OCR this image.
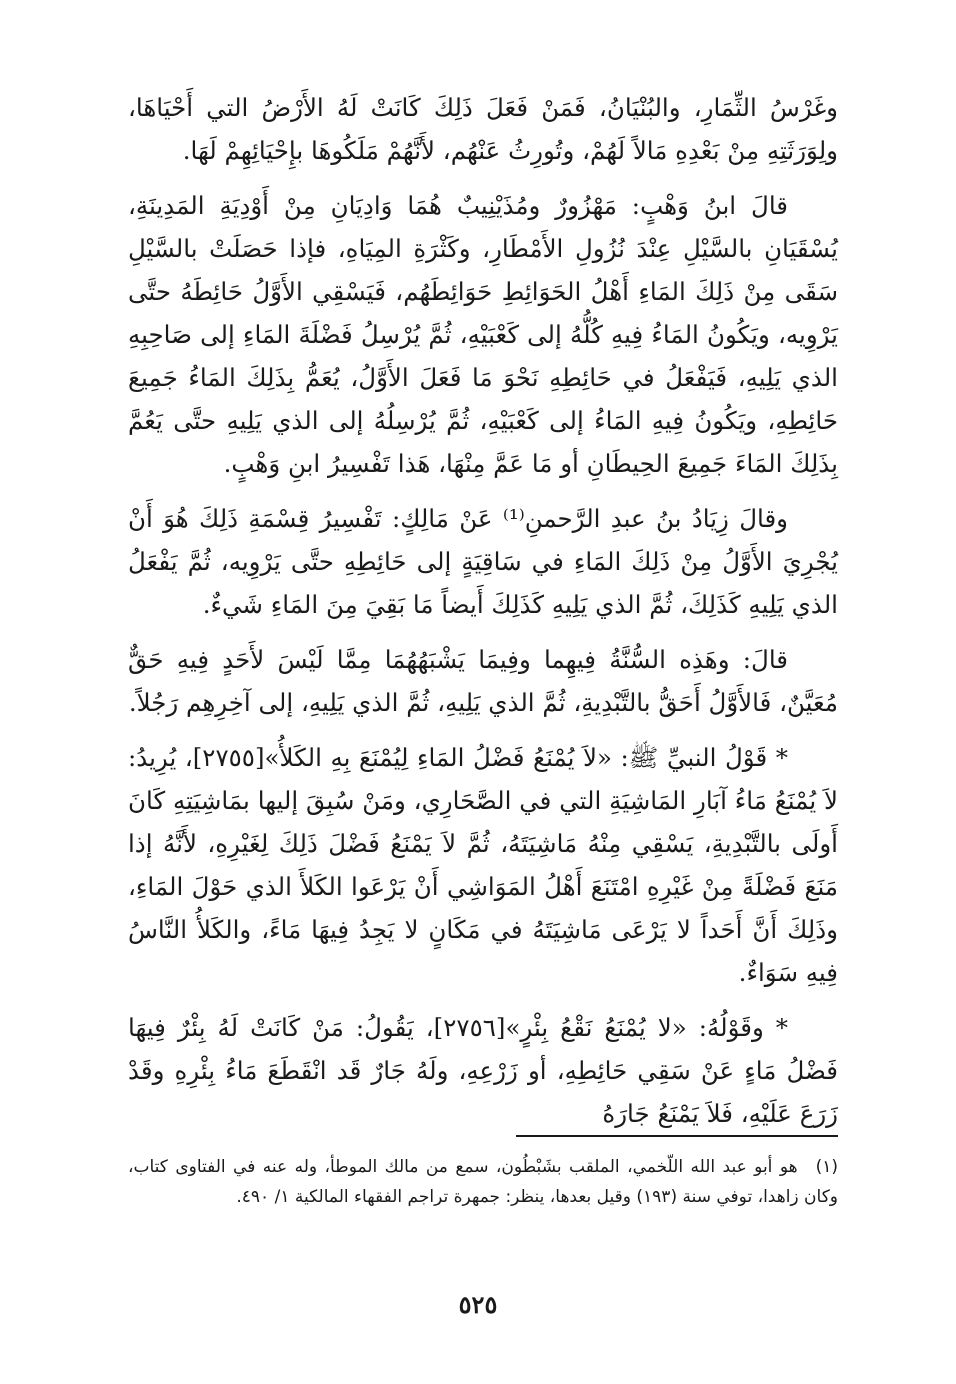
وغَرْسُ الثِّمَارِ، والبُنْيَانُ، فَمَنْ فَعَلَ ذَلِكَ كَانَتْ لَهُ الأَرْضُ التي أَحْيَاهَا، ولِوَرَثَتِهِ مِنْ بَعْدِهِ مَالاً لَهُمْ، وتُورِثُ عَنْهُم، لأَنَّهُمْ مَلَكُوهَا بإِحْيَائِهِمْ لَهَا.

قالَ ابنُ وَهْبٍ: مَهْزُورٌ ومُذَيْنِيبٌ هُمَا وَادِيَانِ مِنْ أَوْدِيَةِ المَدِينَةِ، يُسْقَيَانِ بالسَّيْلِ عِنْدَ نُزُولِ الأَمْطَارِ، وكَثْرَةِ المِيَاهِ، فإذا حَصَلَتْ بالسَّيْلِ سَقَى مِنْ ذَلِكَ المَاءِ أَهْلُ الحَوَائِطِ حَوَائِطَهُم، فَيَسْقِي الأَوَّلُ حَائِطَهُ حتَّى يَرْوِيه، ويَكُونُ المَاءُ فِيهِ كُلُّهُ إلى كَعْبَيْهِ، ثُمَّ يُرْسِلُ فَضْلَةَ المَاءِ إلى صَاحِبِهِ الذي يَلِيهِ، فَيَفْعَلُ في حَائِطِهِ نَحْوَ مَا فَعَلَ الأَوَّلُ، يُعَمُّ بِذَلِكَ المَاءُ جَمِيعَ حَائِطِهِ، ويَكُونُ فِيهِ المَاءُ إلى كَعْبَيْهِ، ثُمَّ يُرْسِلُهُ إلى الذي يَلِيهِ حتَّى يَعُمَّ بِذَلِكَ المَاءَ جَمِيعَ الحِيطَانِ أو مَا عَمَّ مِنْهَا، هَذا تَفْسِيرُ ابنِ وَهْبٍ.

وقالَ زِيَادُ بنُ عبدِ الرَّحمنِ⁽¹⁾ عَنْ مَالِكٍ: تَفْسِيرُ قِسْمَةِ ذَلِكَ هُوَ أَنْ يُجْرِيَ الأَوَّلُ مِنْ ذَلِكَ المَاءِ في سَاقِيَةٍ إلى حَائِطِهِ حتَّى يَرْوِيه، ثُمَّ يَفْعَلُ الذي يَلِيهِ كَذَلِكَ، ثُمَّ الذي يَلِيهِ كَذَلِكَ أَيضاً مَا بَقِيَ مِنَ المَاءِ شَيءٌ.

قالَ: وهَذِه السُّنَّةُ فِيهِما وفِيمَا يَشْبَهُهُمَا مِمَّا لَيْسَ لأَحَدٍ فِيهِ حَقٌّ مُعَيَّنٌ، فَالأَوَّلُ أَحَقُّ بالتَّبْدِيةِ، ثُمَّ الذي يَلِيهِ، ثُمَّ الذي يَلِيهِ، إلى آخِرِهِم رَجُلاً.

* قَوْلُ النبيِّ ﷺ: «لاَ يُمْنَعُ فَضْلُ المَاءِ لِيُمْنَعَ بِهِ الكَلأُ»[٢٧٥٥]، يُرِيدُ: لاَ يُمْنَعُ مَاءُ آبَارِ المَاشِيَةِ التي في الصَّحَارِي، ومَنْ سُبِقَ إليها بمَاشِيَتِهِ كَانَ أَولَى بالتَّبْدِيةِ، يَسْقِي مِنْهُ مَاشِيَتَهُ، ثُمَّ لاَ يَمْنَعُ فَضْلَ ذَلِكَ لِغَيْرِهِ، لأَنَّهُ إذا مَنَعَ فَضْلَةً مِنْ غَيْرِهِ امْتَنَعَ أَهْلُ المَوَاشِي أَنْ يَرْعَوا الكَلأَ الذي حَوْلَ المَاءِ، وذَلِكَ أَنَّ أَحَداً لا يَرْعَى مَاشِيَتَهُ في مَكَانٍ لا يَجِدُ فِيهَا مَاءً، والكَلأُ النَّاسُ فِيهِ سَوَاءٌ.

* وقَوْلُهُ: «لا يُمْنَعُ نَقْعُ بِئْرٍ»[٢٧٥٦]، يَقُولُ: مَنْ كَانَتْ لَهُ بِئْرٌ فِيهَا فَضْلُ مَاءٍ عَنْ سَقِي حَائِطِهِ، أو زَرْعِهِ، ولَهُ جَارٌ قَد انْقَطَعَ مَاءُ بِئْرِهِ وقَدْ زَرَعَ عَلَيْهِ، فَلاَ يَمْنَعُ جَارَهُ

(١)هو أبو عبد الله اللّخمي، الملقب بشَبْطُون، سمع من مالك الموطأ، وله عنه في الفتاوى كتاب، وكان زاهدا، توفي سنة (١٩٣) وقيل بعدها، ينظر: جمهرة تراجم الفقهاء المالكية ١/ ٤٩٠.
٥٢٥
